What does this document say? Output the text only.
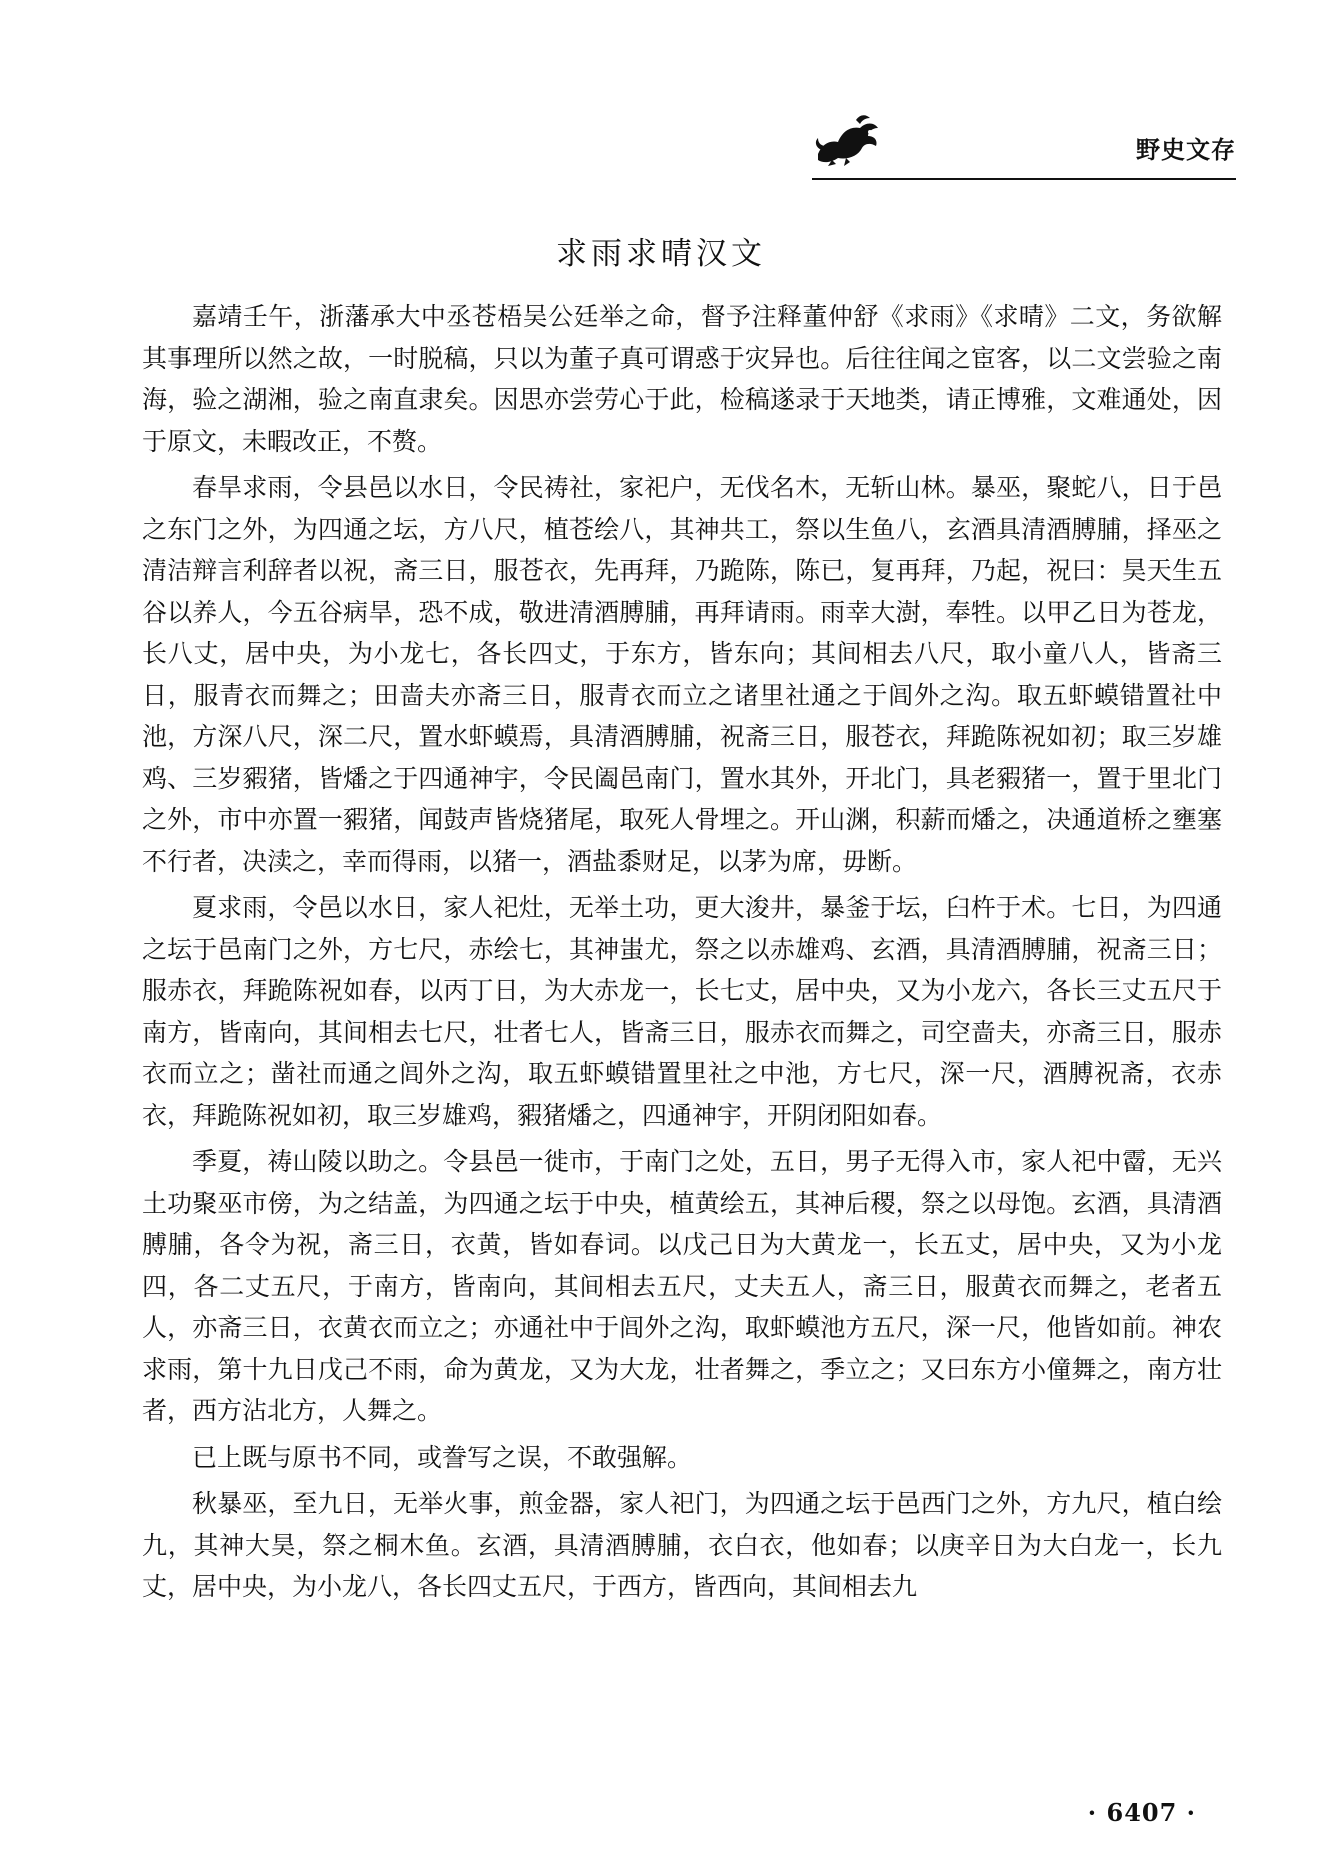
野史文存
求雨求晴汉文

嘉靖壬午，浙藩承大中丞苍梧吴公廷举之命，督予注释董仲舒《求雨》《求晴》二文，务欲解其事理所以然之故，一时脱稿，只以为董子真可谓惑于灾异也。后往往闻之宦客，以二文尝验之南海，验之湖湘，验之南直隶矣。因思亦尝劳心于此，检稿遂录于天地类，请正博雅，文难通处，因于原文，未暇改正，不赘。

春旱求雨，令县邑以水日，令民祷社，家祀户，无伐名木，无斩山林。暴巫，聚蛇八，日于邑之东门之外，为四通之坛，方八尺，植苍绘八，其神共工，祭以生鱼八，玄酒具清酒膊脯，择巫之清洁辩言利辞者以祝，斋三日，服苍衣，先再拜，乃跪陈，陈已，复再拜，乃起，祝曰：昊天生五谷以养人，今五谷病旱，恐不成，敬进清酒膊脯，再拜请雨。雨幸大澍，奉牲。以甲乙日为苍龙，长八丈，居中央，为小龙七，各长四丈，于东方，皆东向；其间相去八尺，取小童八人，皆斋三日，服青衣而舞之；田啬夫亦斋三日，服青衣而立之诸里社通之于闾外之沟。取五虾蟆错置社中池，方深八尺，深二尺，置水虾蟆焉，具清酒膊脯，祝斋三日，服苍衣，拜跪陈祝如初；取三岁雄鸡、三岁豭猪，皆燔之于四通神宇，令民阖邑南门，置水其外，开北门，具老豭猪一，置于里北门之外，市中亦置一豭猪，闻鼓声皆烧猪尾，取死人骨埋之。开山渊，积薪而燔之，决通道桥之壅塞不行者，决渎之，幸而得雨，以猪一，酒盐黍财足，以茅为席，毋断。

夏求雨，令邑以水日，家人祀灶，无举土功，更大浚井，暴釜于坛，臼杵于术。七日，为四通之坛于邑南门之外，方七尺，赤绘七，其神蚩尤，祭之以赤雄鸡、玄酒，具清酒膊脯，祝斋三日；服赤衣，拜跪陈祝如春，以丙丁日，为大赤龙一，长七丈，居中央，又为小龙六，各长三丈五尺于南方，皆南向，其间相去七尺，壮者七人，皆斋三日，服赤衣而舞之，司空啬夫，亦斋三日，服赤衣而立之；凿社而通之闾外之沟，取五虾蟆错置里社之中池，方七尺，深一尺，酒膊祝斋，衣赤衣，拜跪陈祝如初，取三岁雄鸡，豭猪燔之，四通神宇，开阴闭阳如春。

季夏，祷山陵以助之。令县邑一徙市，于南门之处，五日，男子无得入市，家人祀中霤，无兴土功聚巫市傍，为之结盖，为四通之坛于中央，植黄绘五，其神后稷，祭之以母饱。玄酒，具清酒膊脯，各令为祝，斋三日，衣黄，皆如春词。以戊己日为大黄龙一，长五丈，居中央，又为小龙四，各二丈五尺，于南方，皆南向，其间相去五尺，丈夫五人，斋三日，服黄衣而舞之，老者五人，亦斋三日，衣黄衣而立之；亦通社中于闾外之沟，取虾蟆池方五尺，深一尺，他皆如前。神农求雨，第十九日戊己不雨，命为黄龙，又为大龙，壮者舞之，季立之；又曰东方小僮舞之，南方壮者，西方沾北方，人舞之。

已上既与原书不同，或誊写之误，不敢强解。

秋暴巫，至九日，无举火事，煎金器，家人祀门，为四通之坛于邑西门之外，方九尺，植白绘九，其神大昊，祭之桐木鱼。玄酒，具清酒膊脯，衣白衣，他如春；以庚辛日为大白龙一，长九丈，居中央，为小龙八，各长四丈五尺，于西方，皆西向，其间相去九

· 6407 ·
